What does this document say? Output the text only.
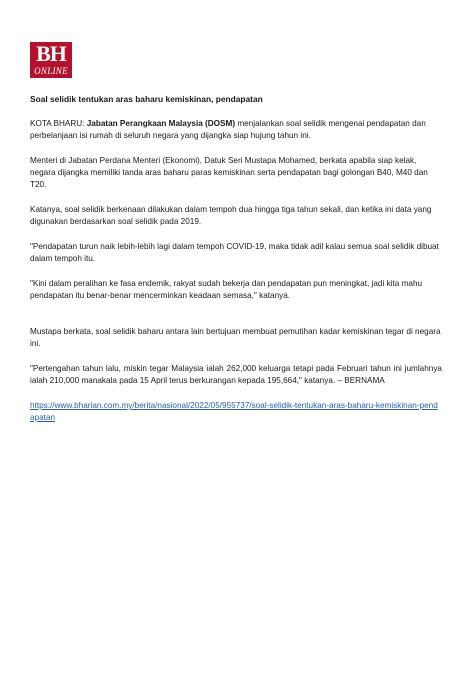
BH
ONLINE
Soal selidik tentukan aras baharu kemiskinan, pendapatan
KOTA BHARU: Jabatan Perangkaan Malaysia (DOSM) menjalankan soal selidik mengenai pendapatan dan perbelanjaan isi rumah di seluruh negara yang dijangka siap hujung tahun ini.
Menteri di Jabatan Perdana Menteri (Ekonomi), Datuk Seri Mustapa Mohamed, berkata apabila siap kelak, negara dijangka memiliki tanda aras baharu paras kemiskinan serta pendapatan bagi golongan B40, M40 dan T20.
Katanya, soal selidik berkenaan dilakukan dalam tempoh dua hingga tiga tahun sekali, dan ketika ini data yang digunakan berdasarkan soal selidik pada 2019.
"Pendapatan turun naik lebih-lebih lagi dalam tempoh COVID-19, maka tidak adil kalau semua soal selidik dibuat dalam tempoh itu.
"Kini dalam peralihan ke fasa endemik, rakyat sudah bekerja dan pendapatan pun meningkat, jadi kita mahu pendapatan itu benar-benar mencerminkan keadaan semasa," katanya.
Mustapa berkata, soal selidik baharu antara lain bertujuan membuat pemutihan kadar kemiskinan tegar di negara ini.
"Pertengahan tahun lalu, miskin tegar Malaysia ialah 262,000 keluarga tetapi pada Februari tahun ini jumlahnya ialah 210,000 manakala pada 15 April terus berkurangan kepada 195,664," katanya. – BERNAMA
https://www.bharian.com.my/berita/nasional/2022/05/955737/soal-selidik-tentukan-aras-baharu-kemiskinan-pendapatan
